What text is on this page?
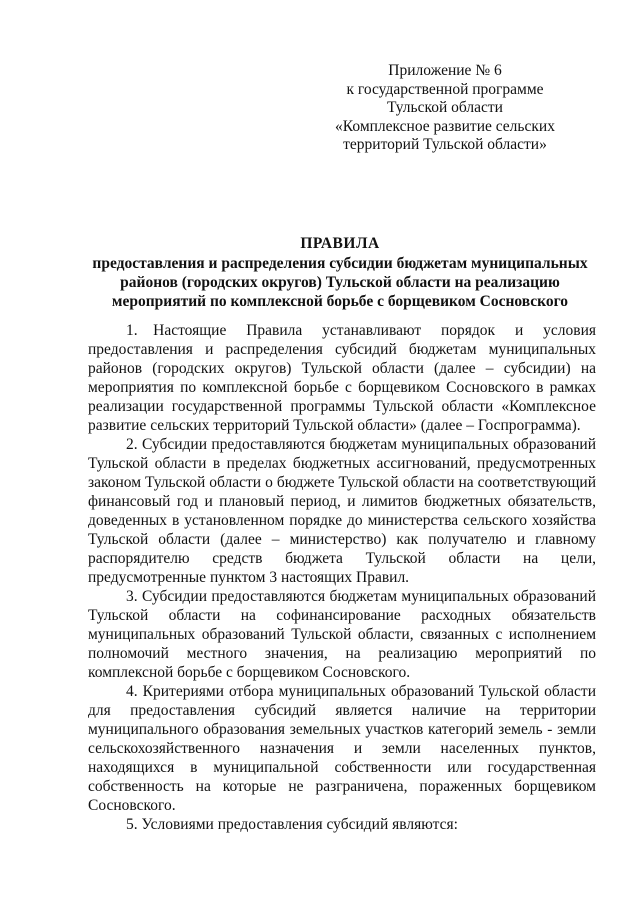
Приложение № 6
к государственной программе
Тульской области
«Комплексное развитие сельских
территорий Тульской области»
ПРАВИЛА
предоставления и распределения субсидии бюджетам муниципальных
районов (городских округов) Тульской области на реализацию
мероприятий по комплексной борьбе с борщевиком Сосновского

1. Настоящие Правила устанавливают порядок и условия предоставления и распределения субсидий бюджетам муниципальных районов (городских округов) Тульской области (далее – субсидии) на мероприятия по комплексной борьбе с борщевиком Сосновского в рамках реализации государственной программы Тульской области «Комплексное развитие сельских территорий Тульской области» (далее – Госпрограмма).

2. Субсидии предоставляются бюджетам муниципальных образований Тульской области в пределах бюджетных ассигнований, предусмотренных законом Тульской области о бюджете Тульской области на соответствующий финансовый год и плановый период, и лимитов бюджетных обязательств, доведенных в установленном порядке до министерства сельского хозяйства Тульской области (далее – министерство) как получателю и главному распорядителю средств бюджета Тульской области на цели, предусмотренные пунктом 3 настоящих Правил.

3. Субсидии предоставляются бюджетам муниципальных образований Тульской области на софинансирование расходных обязательств муниципальных образований Тульской области, связанных с исполнением полномочий местного значения, на реализацию мероприятий по комплексной борьбе с борщевиком Сосновского.

4. Критериями отбора муниципальных образований Тульской области для предоставления субсидий является наличие на территории муниципального образования земельных участков категорий земель - земли сельскохозяйственного назначения и земли населенных пунктов, находящихся в муниципальной собственности или государственная собственность на которые не разграничена, пораженных борщевиком Сосновского.

5. Условиями предоставления субсидий являются:
